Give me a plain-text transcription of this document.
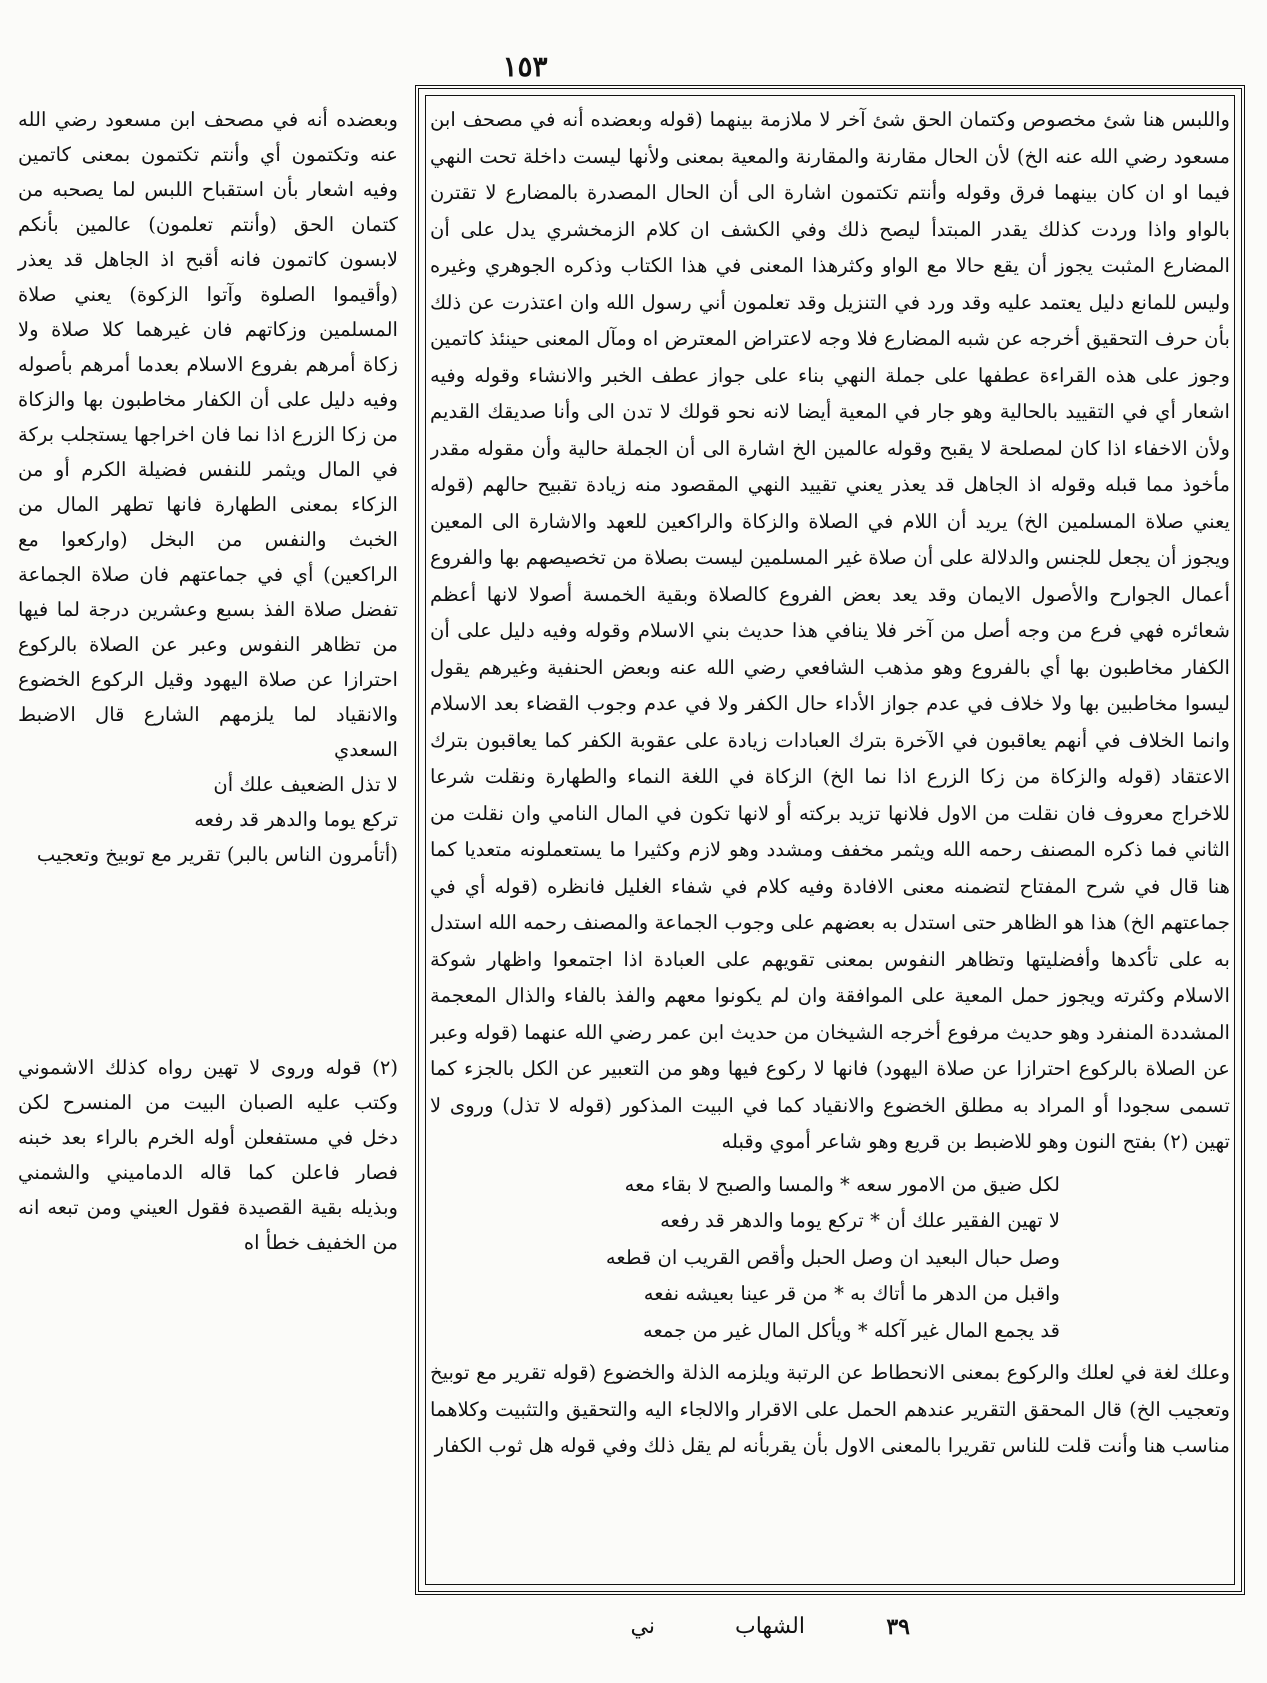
١٥٣

وبعضده أنه في مصحف ابن مسعود رضي الله عنه وتكتمون أي وأنتم تكتمون بمعنى كاتمين وفيه اشعار بأن استقباح اللبس لما يصحبه من كتمان الحق (وأنتم تعلمون) عالمين بأنكم لابسون كاتمون فانه أقبح اذ الجاهل قد يعذر (وأقيموا الصلوة وآتوا الزكوة) يعني صلاة المسلمين وزكاتهم فان غيرهما كلا صلاة ولا زكاة أمرهم بفروع الاسلام بعدما أمرهم بأصوله وفيه دليل على أن الكفار مخاطبون بها والزكاة من زكا الزرع اذا نما فان اخراجها يستجلب بركة في المال ويثمر للنفس فضيلة الكرم أو من الزكاء بمعنى الطهارة فانها تطهر المال من الخبث والنفس من البخل (واركعوا مع الراكعين) أي في جماعتهم فان صلاة الجماعة تفضل صلاة الفذ بسبع وعشرين درجة لما فيها من تظاهر النفوس وعبر عن الصلاة بالركوع احترازا عن صلاة اليهود وقيل الركوع الخضوع والانقياد لما يلزمهم الشارع قال الاضبط السعدي

لا تذل الضعيف علك أن

تركع يوما والدهر قد رفعه

(أتأمرون الناس بالبر) تقرير مع توبيخ وتعجيب

(٢) قوله وروى لا تهين رواه كذلك الاشموني وكتب عليه الصبان البيت من المنسرح لكن دخل في مستفعلن أوله الخرم بالراء بعد خبنه فصار فاعلن كما قاله الدماميني والشمني وبذيله بقية القصيدة فقول العيني ومن تبعه انه من الخفيف خطأ اه

واللبس هنا شئ مخصوص وكتمان الحق شئ آخر لا ملازمة بينهما (قوله وبعضده أنه في مصحف ابن مسعود رضي الله عنه الخ) لأن الحال مقارنة والمقارنة والمعية بمعنى ولأنها ليست داخلة تحت النهي فيما او ان كان بينهما فرق وقوله وأنتم تكتمون اشارة الى أن الحال المصدرة بالمضارع لا تقترن بالواو واذا وردت كذلك يقدر المبتدأ ليصح ذلك وفي الكشف ان كلام الزمخشري يدل على أن المضارع المثبت يجوز أن يقع حالا مع الواو وكثرهذا المعنى في هذا الكتاب وذكره الجوهري وغيره وليس للمانع دليل يعتمد عليه وقد ورد في التنزيل وقد تعلمون أني رسول الله وان اعتذرت عن ذلك بأن حرف التحقيق أخرجه عن شبه المضارع فلا وجه لاعتراض المعترض اه ومآل المعنى حينئذ كاتمين وجوز على هذه القراءة عطفها على جملة النهي بناء على جواز عطف الخبر والانشاء وقوله وفيه اشعار أي في التقييد بالحالية وهو جار في المعية أيضا لانه نحو قولك لا تدن الى وأنا صديقك القديم ولأن الاخفاء اذا كان لمصلحة لا يقبح وقوله عالمين الخ اشارة الى أن الجملة حالية وأن مقوله مقدر مأخوذ مما قبله وقوله اذ الجاهل قد يعذر يعني تقييد النهي المقصود منه زيادة تقبيح حالهم (قوله يعني صلاة المسلمين الخ) يريد أن اللام في الصلاة والزكاة والراكعين للعهد والاشارة الى المعين ويجوز أن يجعل للجنس والدلالة على أن صلاة غير المسلمين ليست بصلاة من تخصيصهم بها والفروع أعمال الجوارح والأصول الايمان وقد يعد بعض الفروع كالصلاة وبقية الخمسة أصولا لانها أعظم شعائره فهي فرع من وجه أصل من آخر فلا ينافي هذا حديث بني الاسلام وقوله وفيه دليل على أن الكفار مخاطبون بها أي بالفروع وهو مذهب الشافعي رضي الله عنه وبعض الحنفية وغيرهم يقول ليسوا مخاطبين بها ولا خلاف في عدم جواز الأداء حال الكفر ولا في عدم وجوب القضاء بعد الاسلام وانما الخلاف في أنهم يعاقبون في الآخرة بترك العبادات زيادة على عقوبة الكفر كما يعاقبون بترك الاعتقاد (قوله والزكاة من زكا الزرع اذا نما الخ) الزكاة في اللغة النماء والطهارة ونقلت شرعا للاخراج معروف فان نقلت من الاول فلانها تزيد بركته أو لانها تكون في المال النامي وان نقلت من الثاني فما ذكره المصنف رحمه الله ويثمر مخفف ومشدد وهو لازم وكثيرا ما يستعملونه متعديا كما هنا قال في شرح المفتاح لتضمنه معنى الافادة وفيه كلام في شفاء الغليل فانظره (قوله أي في جماعتهم الخ) هذا هو الظاهر حتى استدل به بعضهم على وجوب الجماعة والمصنف رحمه الله استدل به على تأكدها وأفضليتها وتظاهر النفوس بمعنى تقويهم على العبادة اذا اجتمعوا واظهار شوكة الاسلام وكثرته ويجوز حمل المعية على الموافقة وان لم يكونوا معهم والفذ بالفاء والذال المعجمة المشددة المنفرد وهو حديث مرفوع أخرجه الشيخان من حديث ابن عمر رضي الله عنهما (قوله وعبر عن الصلاة بالركوع احترازا عن صلاة اليهود) فانها لا ركوع فيها وهو من التعبير عن الكل بالجزء كما تسمى سجودا أو المراد به مطلق الخضوع والانقياد كما في البيت المذكور (قوله لا تذل) وروى لا تهين (٢) بفتح النون وهو للاضبط بن قريع وهو شاعر أموي وقبله

لكل ضيق من الامور سعه * والمسا والصبح لا بقاء معه
لا تهين الفقير علك أن * تركع يوما والدهر قد رفعه
وصل حبال البعيد ان وصل الحبل وأقص القريب ان قطعه
واقبل من الدهر ما أتاك به * من قر عينا بعيشه نفعه
قد يجمع المال غير آكله * ويأكل المال غير من جمعه

وعلك لغة في لعلك والركوع بمعنى الانحطاط عن الرتبة ويلزمه الذلة والخضوع (قوله تقرير مع توبيخ وتعجيب الخ) قال المحقق التقرير عندهم الحمل على الاقرار والالجاء اليه والتحقيق والتثبيت وكلاهما مناسب هنا وأنت قلت للناس تقريرا بالمعنى الاول بأن يقربأنه لم يقل ذلك وفي قوله هل ثوب الكفار

٣٩
الشهاب
ني
